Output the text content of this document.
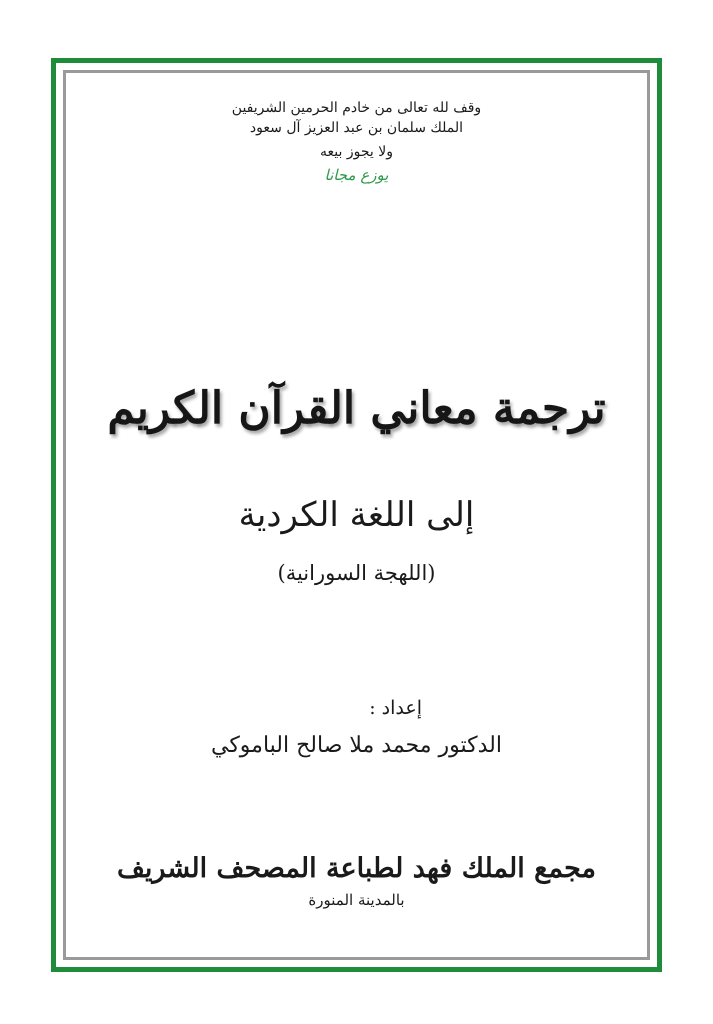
وقف لله تعالى من خادم الحرمين الشريفين
الملك سلمان بن عبد العزيز آل سعود
ولا يجوز بيعه
يوزع مجانا
ترجمة معاني القرآن الكريم
إلى اللغة الكردية
(اللهجة السورانية)
إعداد :
الدكتور محمد ملا صالح الباموكي
مجمع الملك فهد لطباعة المصحف الشريف
بالمدينة المنورة
